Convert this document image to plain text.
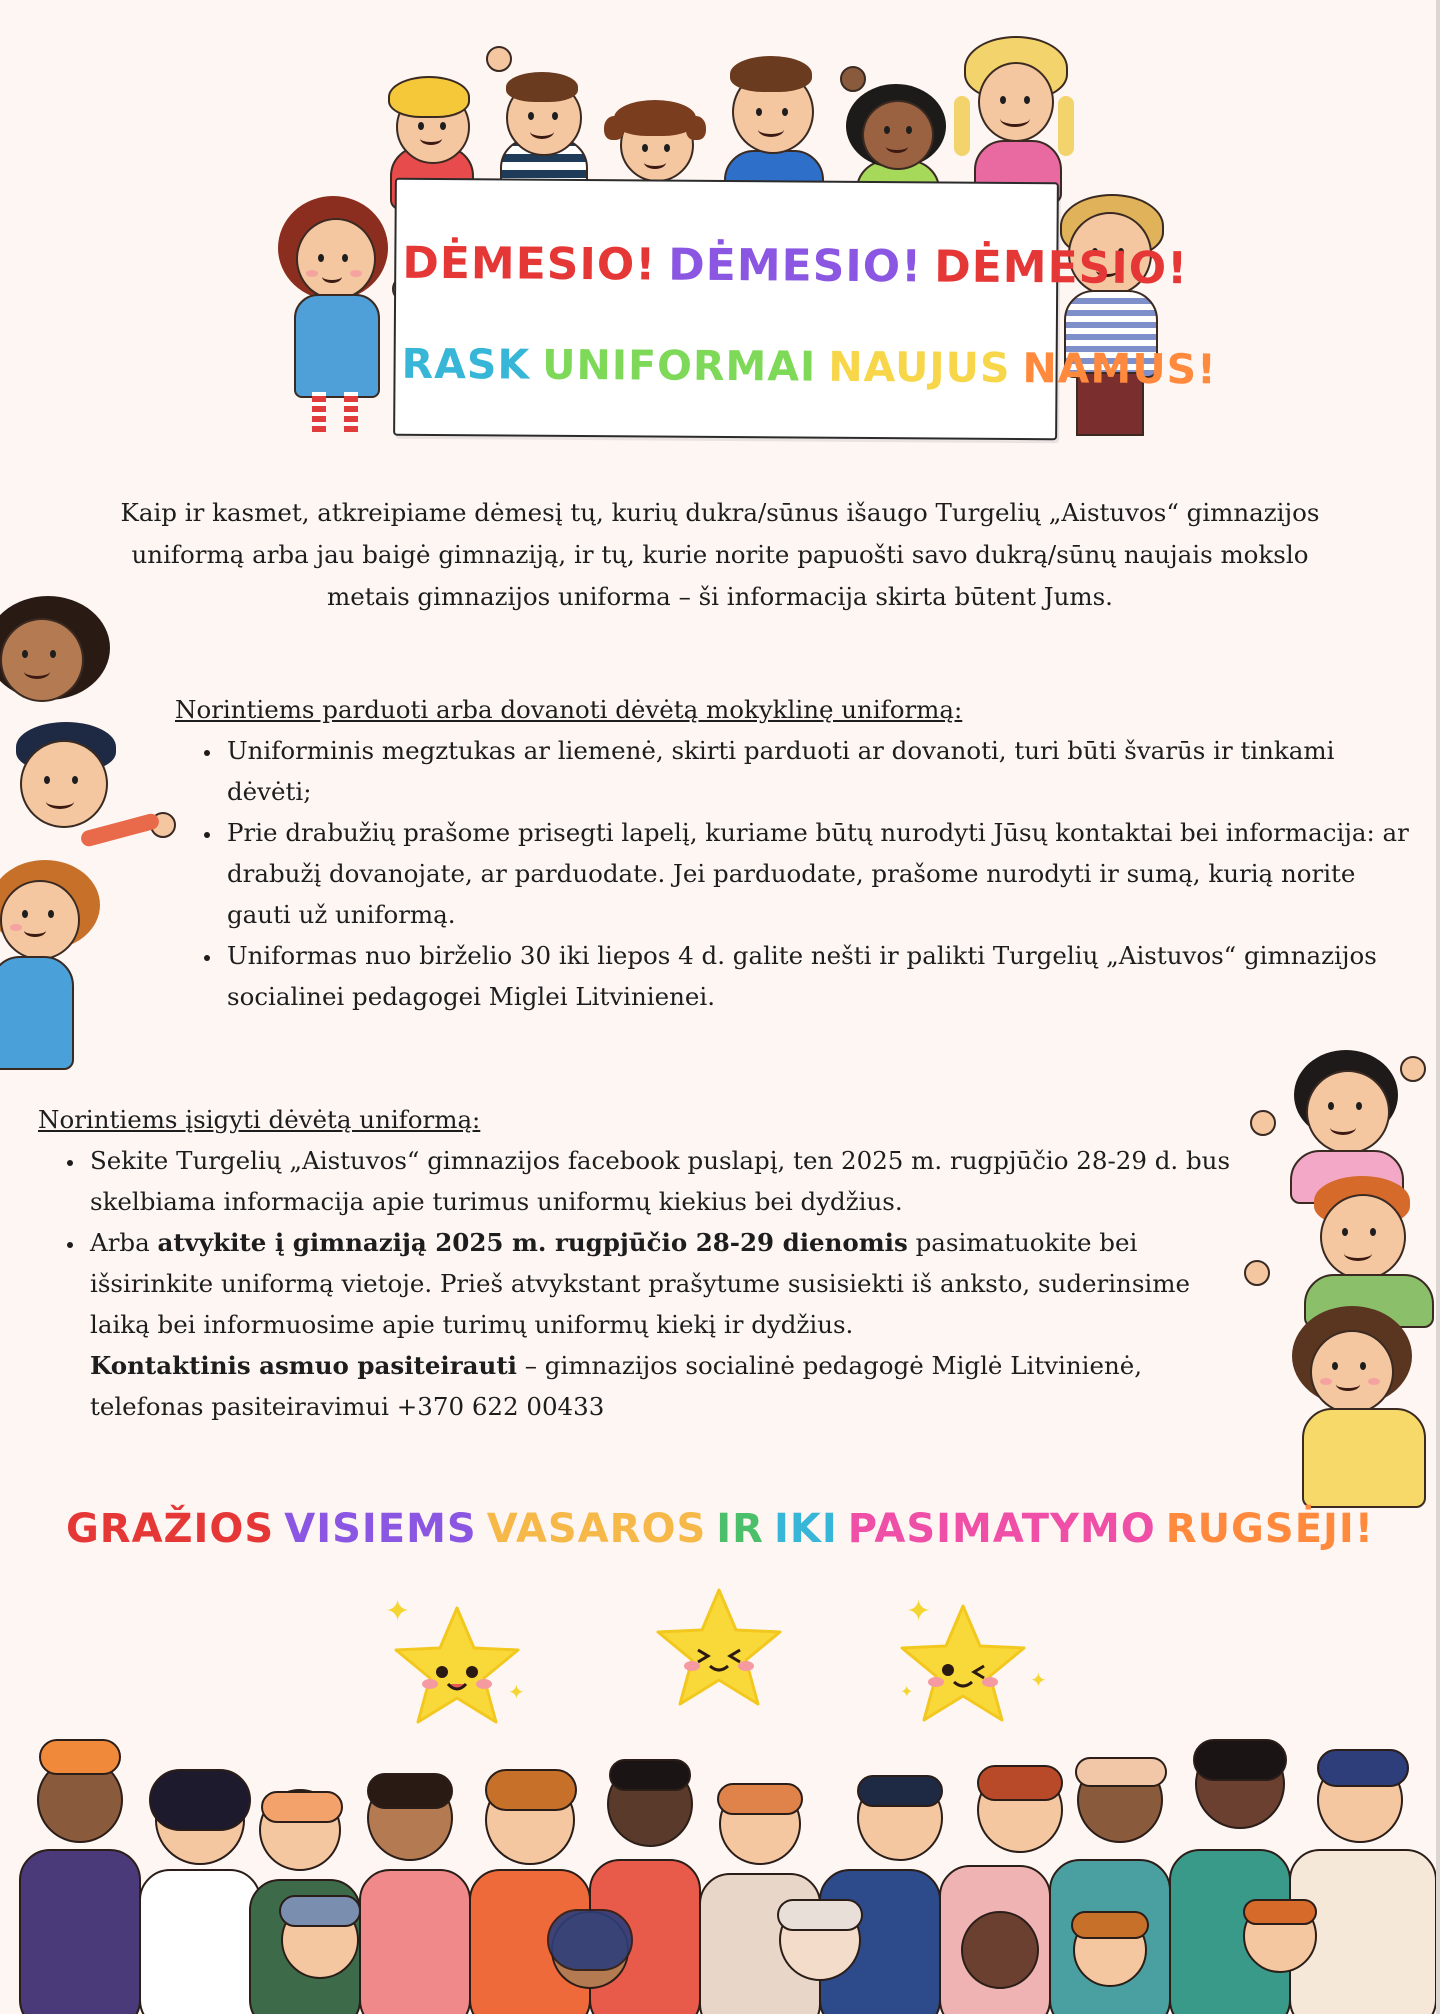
DĖMESIO! DĖMESIO! DĖMESIO!
RASK UNIFORMAI NAUJUS NAMUS!

Kaip ir kasmet, atkreipiame dėmesį tų, kurių dukra/sūnus išaugo Turgelių „Aistuvos“ gimnazijos uniformą arba jau baigė gimnaziją, ir tų, kurie norite papuošti savo dukrą/sūnų naujais mokslo metais gimnazijos uniforma – ši informacija skirta būtent Jums.

Norintiems parduoti arba dovanoti dėvėtą mokyklinę uniformą:
• Uniforminis megztukas ar liemenė, skirti parduoti ar dovanoti, turi būti švarūs ir tinkami dėvėti;
• Prie drabužių prašome prisegti lapelį, kuriame būtų nurodyti Jūsų kontaktai bei informacija: ar drabužį dovanojate, ar parduodate. Jei parduodate, prašome nurodyti ir sumą, kurią norite gauti už uniformą.
• Uniformas nuo birželio 30 iki liepos 4 d. galite nešti ir palikti Turgelių „Aistuvos“ gimnazijos socialinei pedagogei Miglei Litvinienei.
Norintiems įsigyti dėvėtą uniformą:
• Sekite Turgelių „Aistuvos“ gimnazijos facebook puslapį, ten 2025 m. rugpjūčio 28-29 d. bus skelbiama informacija apie turimus uniformų kiekius bei dydžius.
• Arba atvykite į gimnaziją 2025 m. rugpjūčio 28-29 dienomis pasimatuokite bei išsirinkite uniformą vietoje. Prieš atvykstant prašytume susisiekti iš anksto, suderinsime laiką bei informuosime apie turimų uniformų kiekį ir dydžius.
Kontaktinis asmuo pasiteirauti – gimnazijos socialinė pedagogė Miglė Litvinienė, telefonas pasiteiravimui +370 622 00433
GRAŽIOS VISIEMS VASAROS IR IKI PASIMATYMO RUGSĖJI!
✦
✦
✦
✦
✦
